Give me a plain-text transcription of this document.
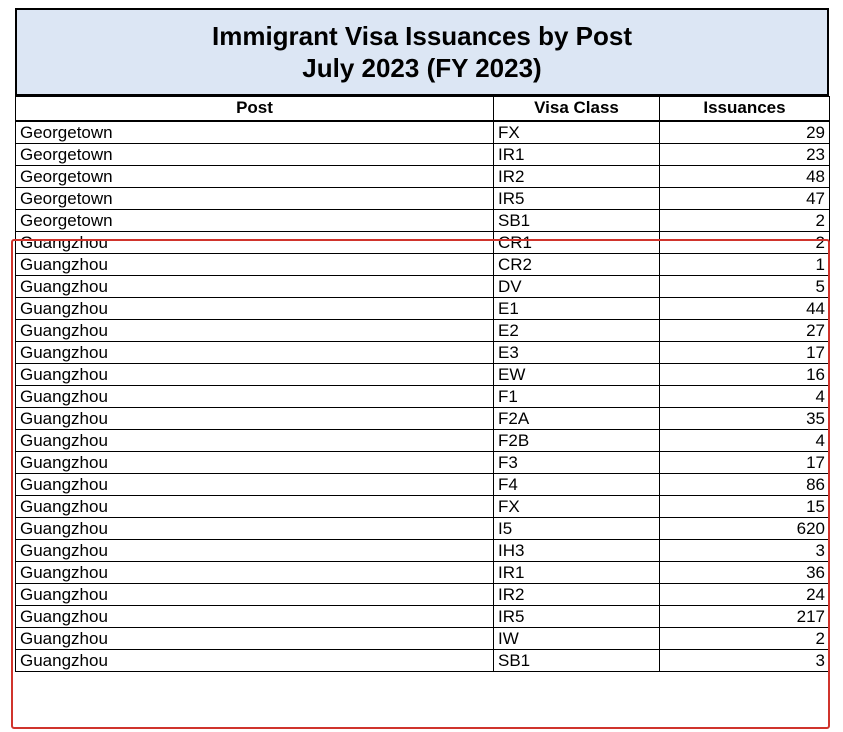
Immigrant Visa Issuances by Post
July 2023 (FY 2023)
Post	Visa Class	Issuances
Georgetown	FX	29
Georgetown	IR1	23
Georgetown	IR2	48
Georgetown	IR5	47
Georgetown	SB1	2
Guangzhou	CR1	2
Guangzhou	CR2	1
Guangzhou	DV	5
Guangzhou	E1	44
Guangzhou	E2	27
Guangzhou	E3	17
Guangzhou	EW	16
Guangzhou	F1	4
Guangzhou	F2A	35
Guangzhou	F2B	4
Guangzhou	F3	17
Guangzhou	F4	86
Guangzhou	FX	15
Guangzhou	I5	620
Guangzhou	IH3	3
Guangzhou	IR1	36
Guangzhou	IR2	24
Guangzhou	IR5	217
Guangzhou	IW	2
Guangzhou	SB1	3
